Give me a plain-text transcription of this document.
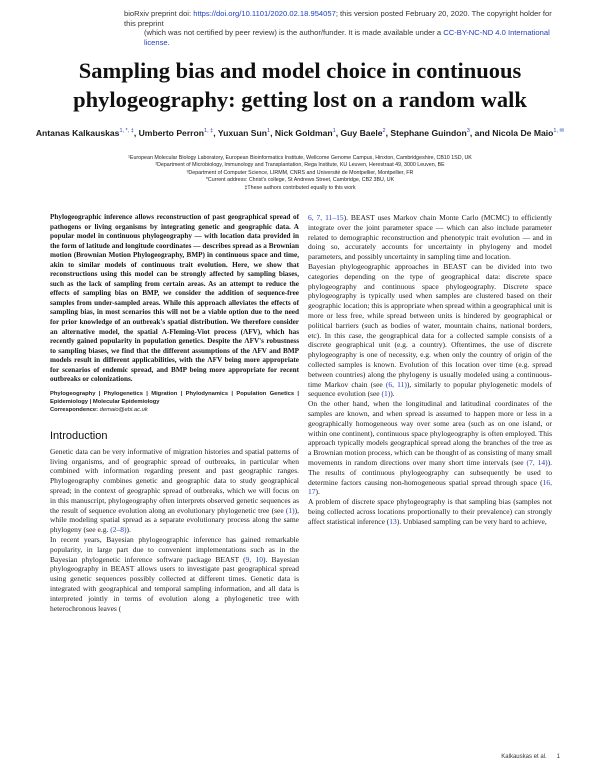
bioRxiv preprint doi: https://doi.org/10.1101/2020.02.18.954057; this version posted February 20, 2020. The copyright holder for this preprint
(which was not certified by peer review) is the author/funder. It is made available under a CC-BY-NC-ND 4.0 International license.
Sampling bias and model choice in continuous phylogeography: getting lost on a random walk
Antanas Kalkauskas$^{1, *, \ddagger}$, Umberto Perron$^{1, \ddagger}$, Yuxuan Sun$^1$, Nick Goldman$^1$, Guy Baele$^2$, Stephane Guindon$^3$, and Nicola De Maio$^{1, ✉}$
¹European Molecular Biology Laboratory, European Bioinformatics Institute, Wellcome Genome Campus, Hinxton, Cambridgeshire, CB10 1SD, UK
²Department of Microbiology, Immunology and Transplantation, Rega Institute, KU Leuven, Herestraat 49, 3000 Leuven, BE
³Department of Computer Science, LIRMM, CNRS and Université de Montpellier, Montpellier, FR
*Current address: Christ's college, St Andrews Street, Cambridge, CB2 3BU, UK
‡These authors contributed equally to this work

Phylogeographic inference allows reconstruction of past geographical spread of pathogens or living organisms by integrating genetic and geographic data. A popular model in continuous phylogeography — with location data provided in the form of latitude and longitude coordinates — describes spread as a Brownian motion (Brownian Motion Phylogeography, BMP) in continuous space and time, akin to similar models of continuous trait evolution. Here, we show that reconstructions using this model can be strongly affected by sampling biases, such as the lack of sampling from certain areas. As an attempt to reduce the effects of sampling bias on BMP, we consider the addition of sequence-free samples from under-sampled areas. While this approach alleviates the effects of sampling bias, in most scenarios this will not be a viable option due to the need for prior knowledge of an outbreak's spatial distribution. We therefore consider an alternative model, the spatial Λ-Fleming-Viot process (ΛFV), which has recently gained popularity in population genetics. Despite the ΛFV's robustness to sampling biases, we find that the different assumptions of the ΛFV and BMP models result in different applicabilities, with the ΛFV being more appropriate for scenarios of endemic spread, and BMP being more appropriate for recent outbreaks or colonizations.

Phylogeography | Phylogenetics | Migration | Phylodynamics | Population Genetics | Epidemiology | Molecular Epidemiology
Correspondence: demaio@ebi.ac.uk
Introduction

Genetic data can be very informative of migration histories and spatial patterns of living organisms, and of geographic spread of outbreaks, in particular when combined with information regarding present and past geographic ranges. Phylogeography combines genetic and geographic data to study geographical spread; in the context of geographic spread of outbreaks, which we will focus on in this manuscript, phylogeography often interprets observed genetic sequences as the result of sequence evolution along an evolutionary phylogenetic tree (see (1)), while modeling spatial spread as a separate evolutionary process along the same phylogeny (see e.g. (2–8)).

In recent years, Bayesian phylogeographic inference has gained remarkable popularity, in large part due to convenient implementations such as in the Bayesian phylogenetic inference software package BEAST (9, 10). Bayesian phylogeography in BEAST allows users to investigate past geographical spread using genetic sequences possibly collected at different times. Genetic data is integrated with geographical and temporal sampling information, and all data is interpreted jointly in terms of evolution along a phylogenetic tree with heterochronous leaves (

6, 7, 11–15). BEAST uses Markov chain Monte Carlo (MCMC) to efficiently integrate over the joint parameter space — which can also include parameter related to demographic reconstruction and phenotypic trait evolution — and in doing so, accurately accounts for uncertainty in phylogeny and model parameters, and possibly uncertainty in sampling time and location.

Bayesian phylogeographic approaches in BEAST can be divided into two categories depending on the type of geographical data: discrete space phylogeography and continuous space phylogeography. Discrete space phylogeography is typically used when samples are clustered based on their geographic location; this is appropriate when spread within a geographical unit is more or less free, while spread between units is hindered by geographical or political barriers (such as bodies of water, mountain chains, national borders, etc). In this case, the geographical data for a collected sample consists of a discrete geographical unit (e.g. a country). Oftentimes, the use of discrete phylogeography is one of necessity, e.g. when only the country of origin of the collected samples is known. Evolution of this location over time (e.g. spread between countries) along the phylogeny is usually modeled using a continuous-time Markov chain (see (6, 11)), similarly to popular phylogenetic models of sequence evolution (see (1)).

On the other hand, when the longitudinal and latitudinal coordinates of the samples are known, and when spread is assumed to happen more or less in a geographically homogeneous way over some area (such as on one island, or within one continent), continuous space phylogeography is often employed. This approach typically models geographical spread along the branches of the tree as a Brownian motion process, which can be thought of as consisting of many small movements in random directions over many short time intervals (see (7, 14)). The results of continuous phylogeography can subsequently be used to determine factors causing non-homogeneous spatial spread through space (16, 17).

A problem of discrete space phylogeography is that sampling bias (samples not being collected across locations proportionally to their prevalence) can strongly affect statistical inference (13). Unbiased sampling can be very hard to achieve,

Kalkauskas et al. 1
